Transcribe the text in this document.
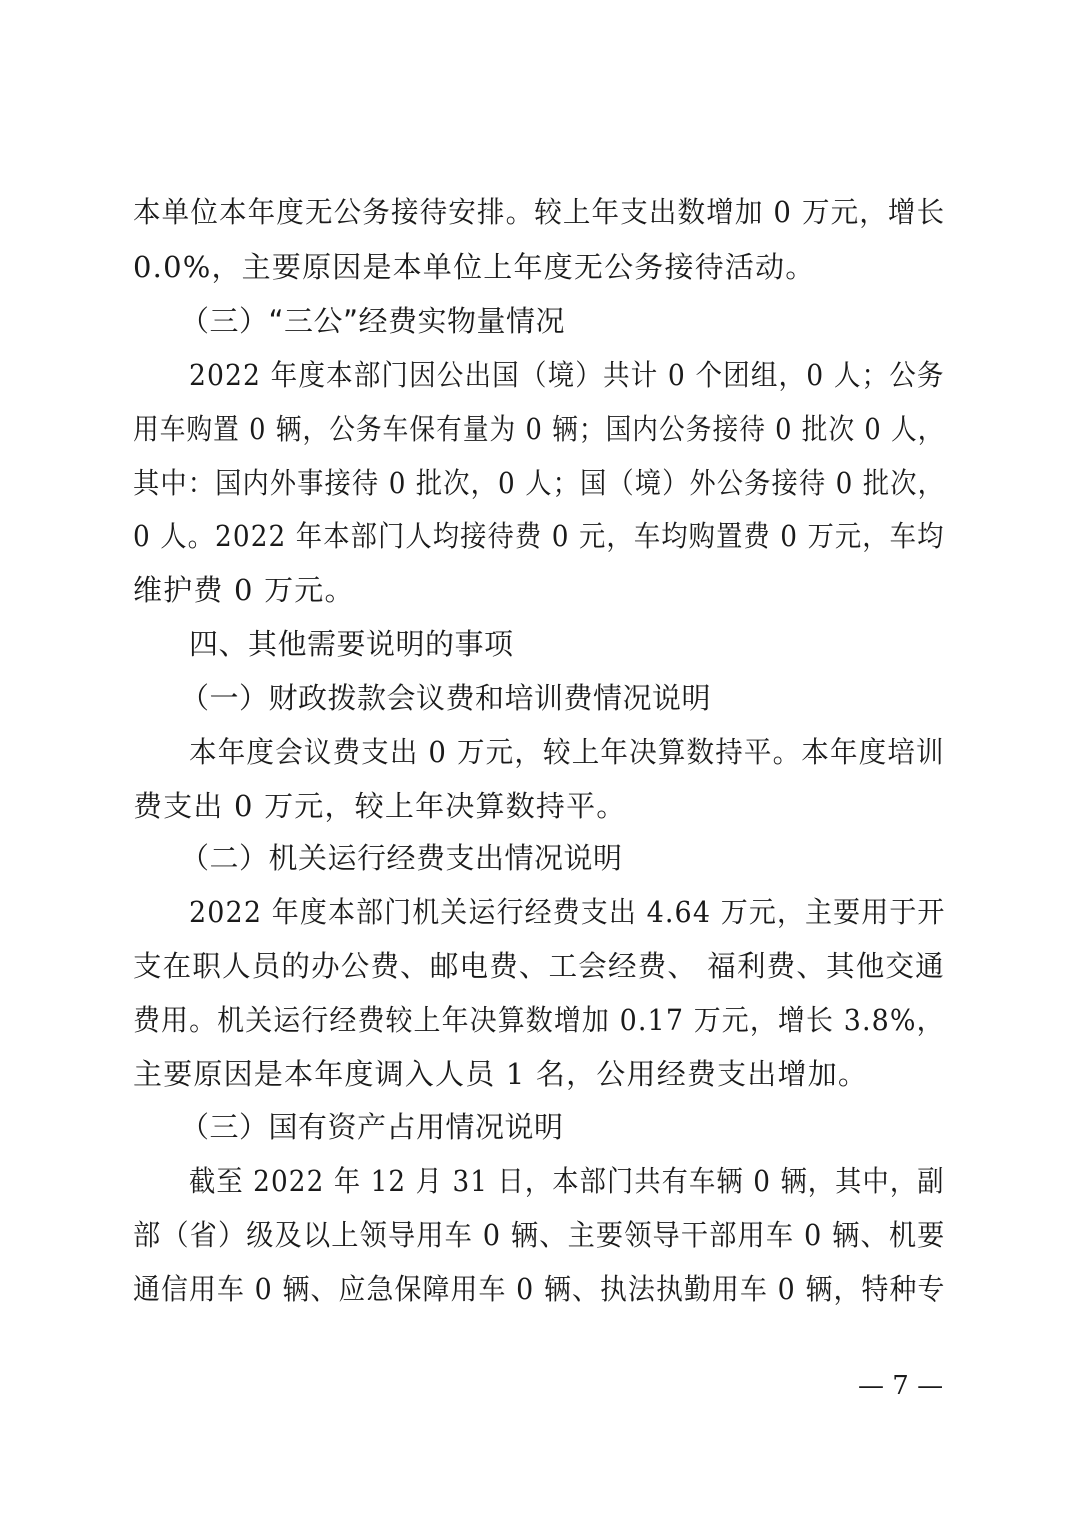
本单位本年度无公务接待安排。较上年支出数增加 0 万元，增长
0.0%，主要原因是本单位上年度无公务接待活动。
（三）“三公”经费实物量情况
2022 年度本部门因公出国（境）共计 0 个团组，0 人；公务
用车购置 0 辆，公务车保有量为 0 辆；国内公务接待 0 批次 0 人，
其中：国内外事接待 0 批次，0 人；国（境）外公务接待 0 批次，
0 人。2022 年本部门人均接待费 0 元，车均购置费 0 万元，车均
维护费 0 万元。
四、其他需要说明的事项
（一）财政拨款会议费和培训费情况说明
本年度会议费支出 0 万元，较上年决算数持平。本年度培训
费支出 0 万元，较上年决算数持平。
（二）机关运行经费支出情况说明
2022 年度本部门机关运行经费支出 4.64 万元，主要用于开
支在职人员的办公费、邮电费、工会经费、 福利费、其他交通
费用。机关运行经费较上年决算数增加 0.17 万元，增长 3.8%，
主要原因是本年度调入人员 1 名，公用经费支出增加。
（三）国有资产占用情况说明
截至 2022 年 12 月 31 日，本部门共有车辆 0 辆，其中，副
部（省）级及以上领导用车 0 辆、主要领导干部用车 0 辆、机要
通信用车 0 辆、应急保障用车 0 辆、执法执勤用车 0 辆，特种专
— 7 —
